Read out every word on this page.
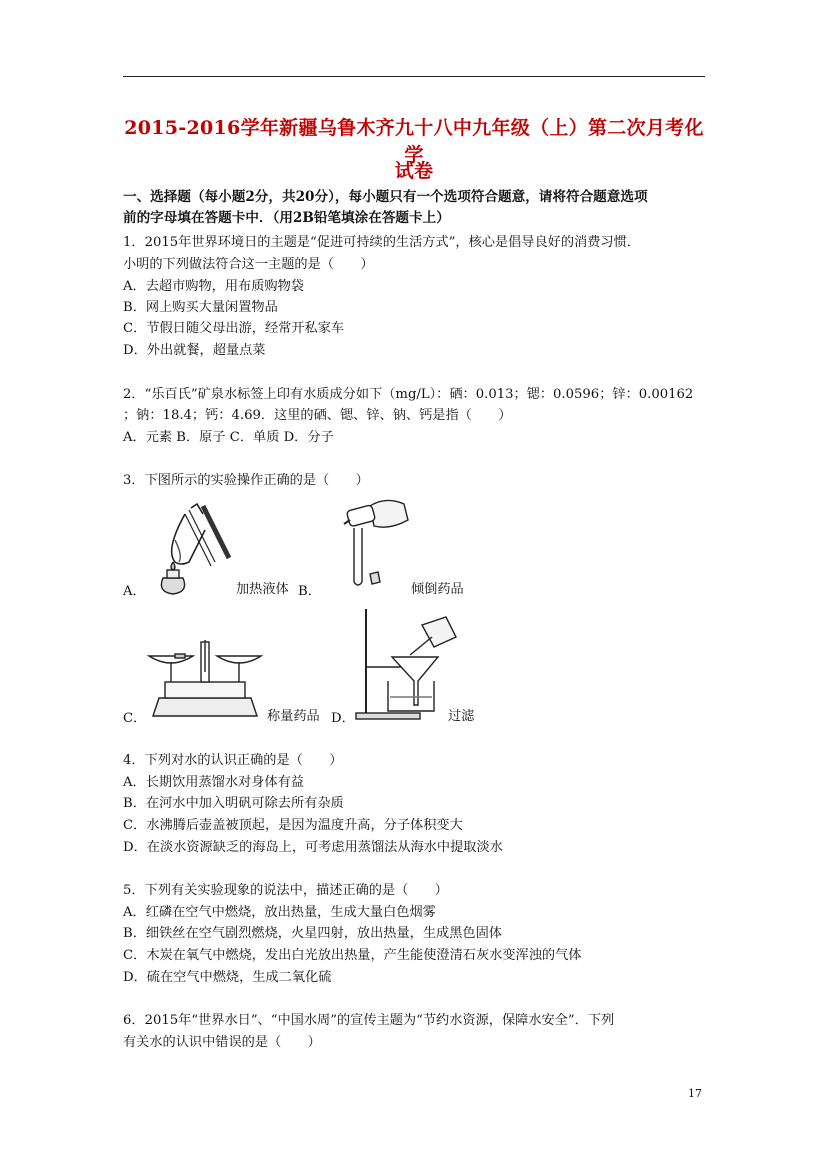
2015-2016学年新疆乌鲁木齐九十八中九年级（上）第二次月考化学
试卷
一、选择题（每小题2分，共20分），每小题只有一个选项符合题意，请将符合题意选项
前的字母填在答题卡中．（用2B铅笔填涂在答题卡上）
1．2015年世界环境日的主题是“促进可持续的生活方式”，核心是倡导良好的消费习惯．
小明的下列做法符合这一主题的是（　　）
A．去超市购物，用布质购物袋
B．网上购买大量闲置物品
C．节假日随父母出游，经常开私家车
D．外出就餐，超量点菜
2．“乐百氏”矿泉水标签上印有水质成分如下（mg/L）：硒：0.013；锶：0.0596；锌：0.00162
；钠：18.4；钙：4.69．这里的硒、锶、锌、钠、钙是指（　　）
A．元素 B．原子 C．单质 D．分子
3．下图所示的实验操作正确的是（　　）
A．	加热液体 B．	倾倒药品
C．	称量药品 D．	过滤
4．下列对水的认识正确的是（　　）
A．长期饮用蒸馏水对身体有益
B．在河水中加入明矾可除去所有杂质
C．水沸腾后壶盖被顶起，是因为温度升高，分子体积变大
D．在淡水资源缺乏的海岛上，可考虑用蒸馏法从海水中提取淡水
5．下列有关实验现象的说法中，描述正确的是（　　）
A．红磷在空气中燃烧，放出热量，生成大量白色烟雾
B．细铁丝在空气剧烈燃烧，火星四射，放出热量，生成黑色固体
C．木炭在氧气中燃烧，发出白光放出热量，产生能使澄清石灰水变浑浊的气体
D．硫在空气中燃烧，生成二氧化硫
6．2015年“世界水日”、“中国水周”的宣传主题为“节约水资源，保障水安全”．下列
有关水的认识中错误的是（　　）
17
